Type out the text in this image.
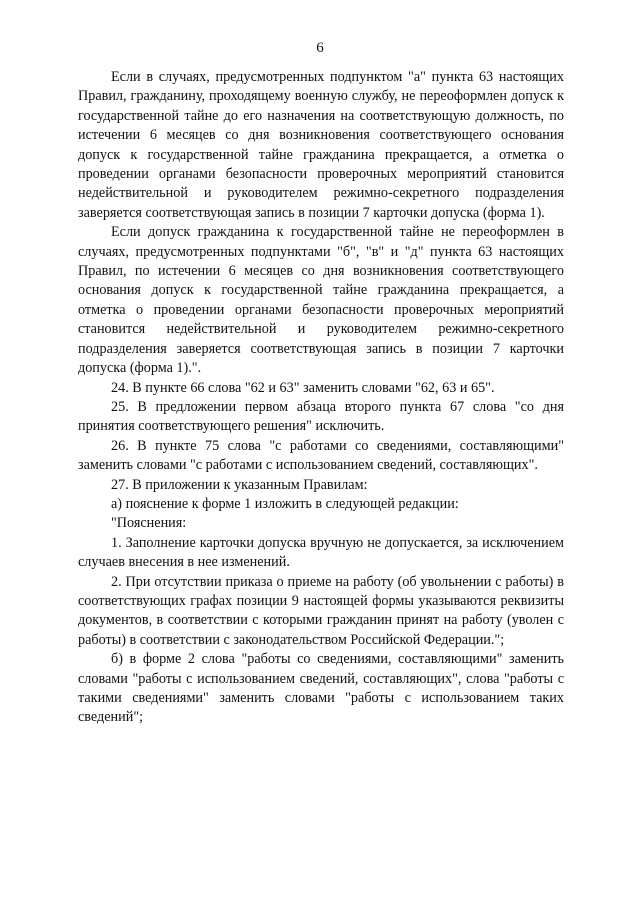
6

Если в случаях, предусмотренных подпунктом "а" пункта 63 настоящих Правил, гражданину, проходящему военную службу, не переоформлен допуск к государственной тайне до его назначения на соответствующую должность, по истечении 6 месяцев со дня возникновения соответствующего основания допуск к государственной тайне гражданина прекращается, а отметка о проведении органами безопасности проверочных мероприятий становится недействительной и руководителем режимно-секретного подразделения заверяется соответствующая запись в позиции 7 карточки допуска (форма 1).

Если допуск гражданина к государственной тайне не переоформлен в случаях, предусмотренных подпунктами "б", "в" и "д" пункта 63 настоящих Правил, по истечении 6 месяцев со дня возникновения соответствующего основания допуск к государственной тайне гражданина прекращается, а отметка о проведении органами безопасности проверочных мероприятий становится недействительной и руководителем режимно-секретного подразделения заверяется соответствующая запись в позиции 7 карточки допуска (форма 1).".

24. В пункте 66 слова "62 и 63" заменить словами "62, 63 и 65".

25. В предложении первом абзаца второго пункта 67 слова "со дня принятия соответствующего решения" исключить.

26. В пункте 75 слова "с работами со сведениями, составляющими" заменить словами "с работами с использованием сведений, составляющих".

27. В приложении к указанным Правилам:

а) пояснение к форме 1 изложить в следующей редакции:

"Пояснения:

1. Заполнение карточки допуска вручную не допускается, за исключением случаев внесения в нее изменений.

2. При отсутствии приказа о приеме на работу (об увольнении с работы) в соответствующих графах позиции 9 настоящей формы указываются реквизиты документов, в соответствии с которыми гражданин принят на работу (уволен с работы) в соответствии с законодательством Российской Федерации.";

б) в форме 2 слова "работы со сведениями, составляющими" заменить словами "работы с использованием сведений, составляющих", слова "работы с такими сведениями" заменить словами "работы с использованием таких сведений";
